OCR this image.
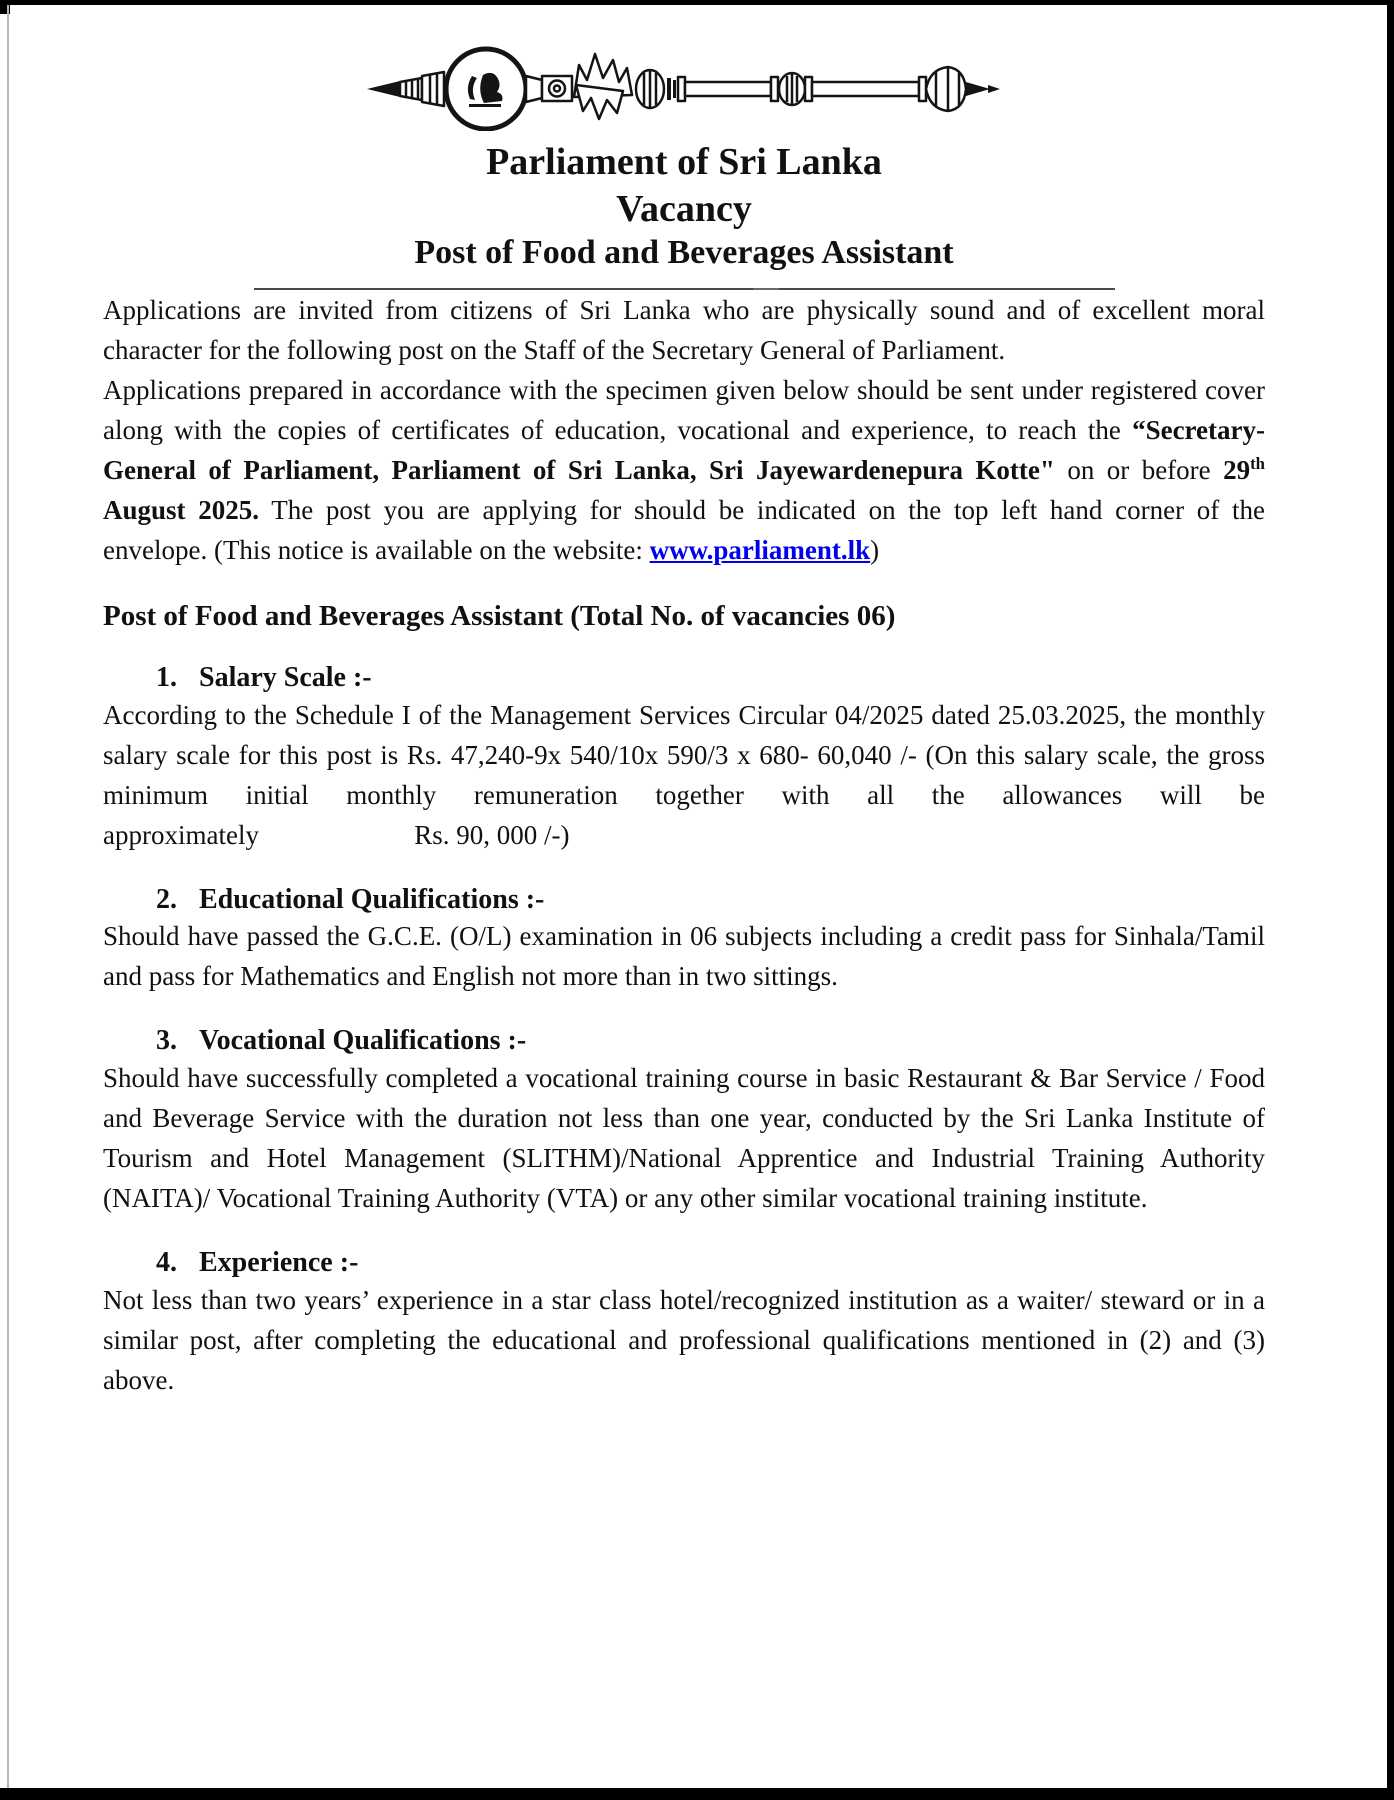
Parliament of Sri Lanka
Vacancy
Post of Food and Beverages Assistant

Applications are invited from citizens of Sri Lanka who are physically sound and of excellent moral character for the following post on the Staff of the Secretary General of Parliament.

Applications prepared in accordance with the specimen given below should be sent under registered cover along with the copies of certificates of education, vocational and experience, to reach the “Secretary-General of Parliament, Parliament of Sri Lanka, Sri Jayewardenepura Kotte" on or before 29th August 2025. The post you are applying for should be indicated on the top left hand corner of the envelope. (This notice is available on the website: www.parliament.lk)

Post of Food and Beverages Assistant (Total No. of vacancies 06)
1. Salary Scale :-

According to the Schedule I of the Management Services Circular 04/2025 dated 25.03.2025, the monthly salary scale for this post is Rs. 47,240-9x 540/10x 590/3 x 680- 60,040 /- (On this salary scale, the gross minimum initial monthly remuneration together with all the allowances will be approximately                       Rs. 90, 000 /-)

2. Educational Qualifications :-

Should have passed the G.C.E. (O/L) examination in 06 subjects including a credit pass for Sinhala/Tamil and pass for Mathematics and English not more than in two sittings.

3. Vocational Qualifications :-

Should have successfully completed a vocational training course in basic Restaurant & Bar Service / Food and Beverage Service with the duration not less than one year, conducted by the Sri Lanka Institute of Tourism and Hotel Management (SLITHM)/National Apprentice and Industrial Training Authority (NAITA)/ Vocational Training Authority (VTA) or any other similar vocational training institute.

4. Experience :-

Not less than two years’ experience in a star class hotel/recognized institution as a waiter/ steward or in a similar post, after completing the educational and professional qualifications mentioned in (2) and (3) above.
